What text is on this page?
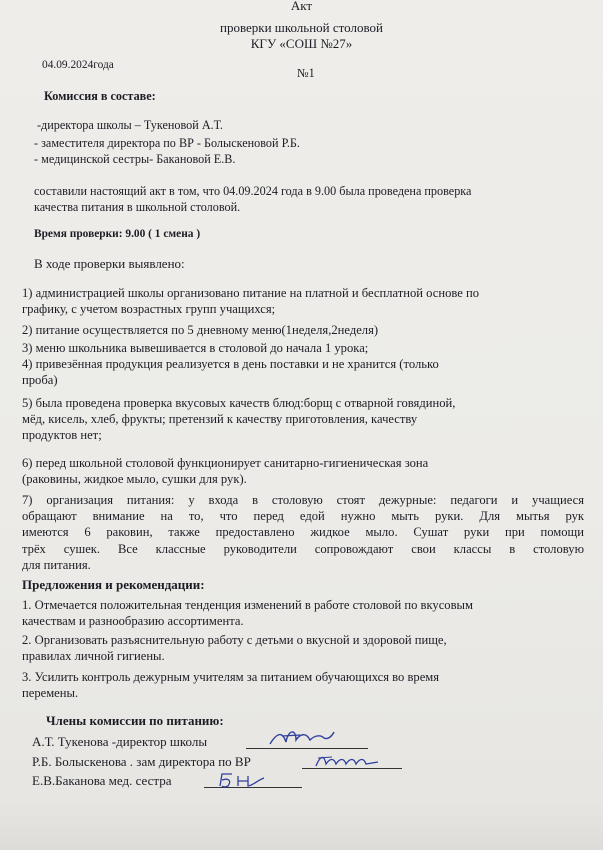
Акт
проверки школьной столовой
КГУ «СОШ №27»
04.09.2024года
№1
Комиссия в составе:
-директора школы – Тукеновой А.Т.
- заместителя директора по ВР - Болыскеновой Р.Б.
- медицинской сестры- Бакановой Е.В.
составили настоящий акт в том, что 04.09.2024 года в 9.00 была проведена проверка
качества питания в школьной столовой.
Время проверки: 9.00 ( 1 смена )
В ходе проверки выявлено:
1) администрацией школы организовано питание на платной и бесплатной основе по
графику, с учетом возрастных групп учащихся;
2) питание осуществляется по 5 дневному меню(1неделя,2неделя)
3) меню школьника вывешивается в столовой до начала 1 урока;
4) привезённая продукция реализуется в день поставки и не хранится (только
проба)
5) была проведена проверка вкусовых качеств блюд:борщ с отварной говядиной,
мёд, кисель, хлеб, фрукты; претензий к качеству приготовления, качеству
продуктов нет;
6) перед школьной столовой функционирует санитарно-гигиеническая зона
(раковины, жидкое мыло, сушки для рук).
7) организация питания: у входа в столовую стоят дежурные: педагоги и учащиеся
обращают внимание на то, что перед едой нужно мыть руки. Для мытья рук
имеются 6 раковин, также предоставлено жидкое мыло. Сушат руки при помощи
трёх сушек. Все классные руководители сопровождают свои классы в столовую
для питания.
Предложения и рекомендации:
1. Отмечается положительная тенденция изменений в работе столовой по вкусовым
качествам и разнообразию ассортимента.
2. Организовать разъяснительную работу с детьми о вкусной и здоровой пище,
правилах личной гигиены.
3. Усилить контроль дежурным учителям за питанием обучающихся во время
перемены.
Члены комиссии по питанию:
А.Т. Тукенова -директор школы
Р.Б. Болыскенова . зам директора по ВР
Е.В.Баканова мед. сестра
